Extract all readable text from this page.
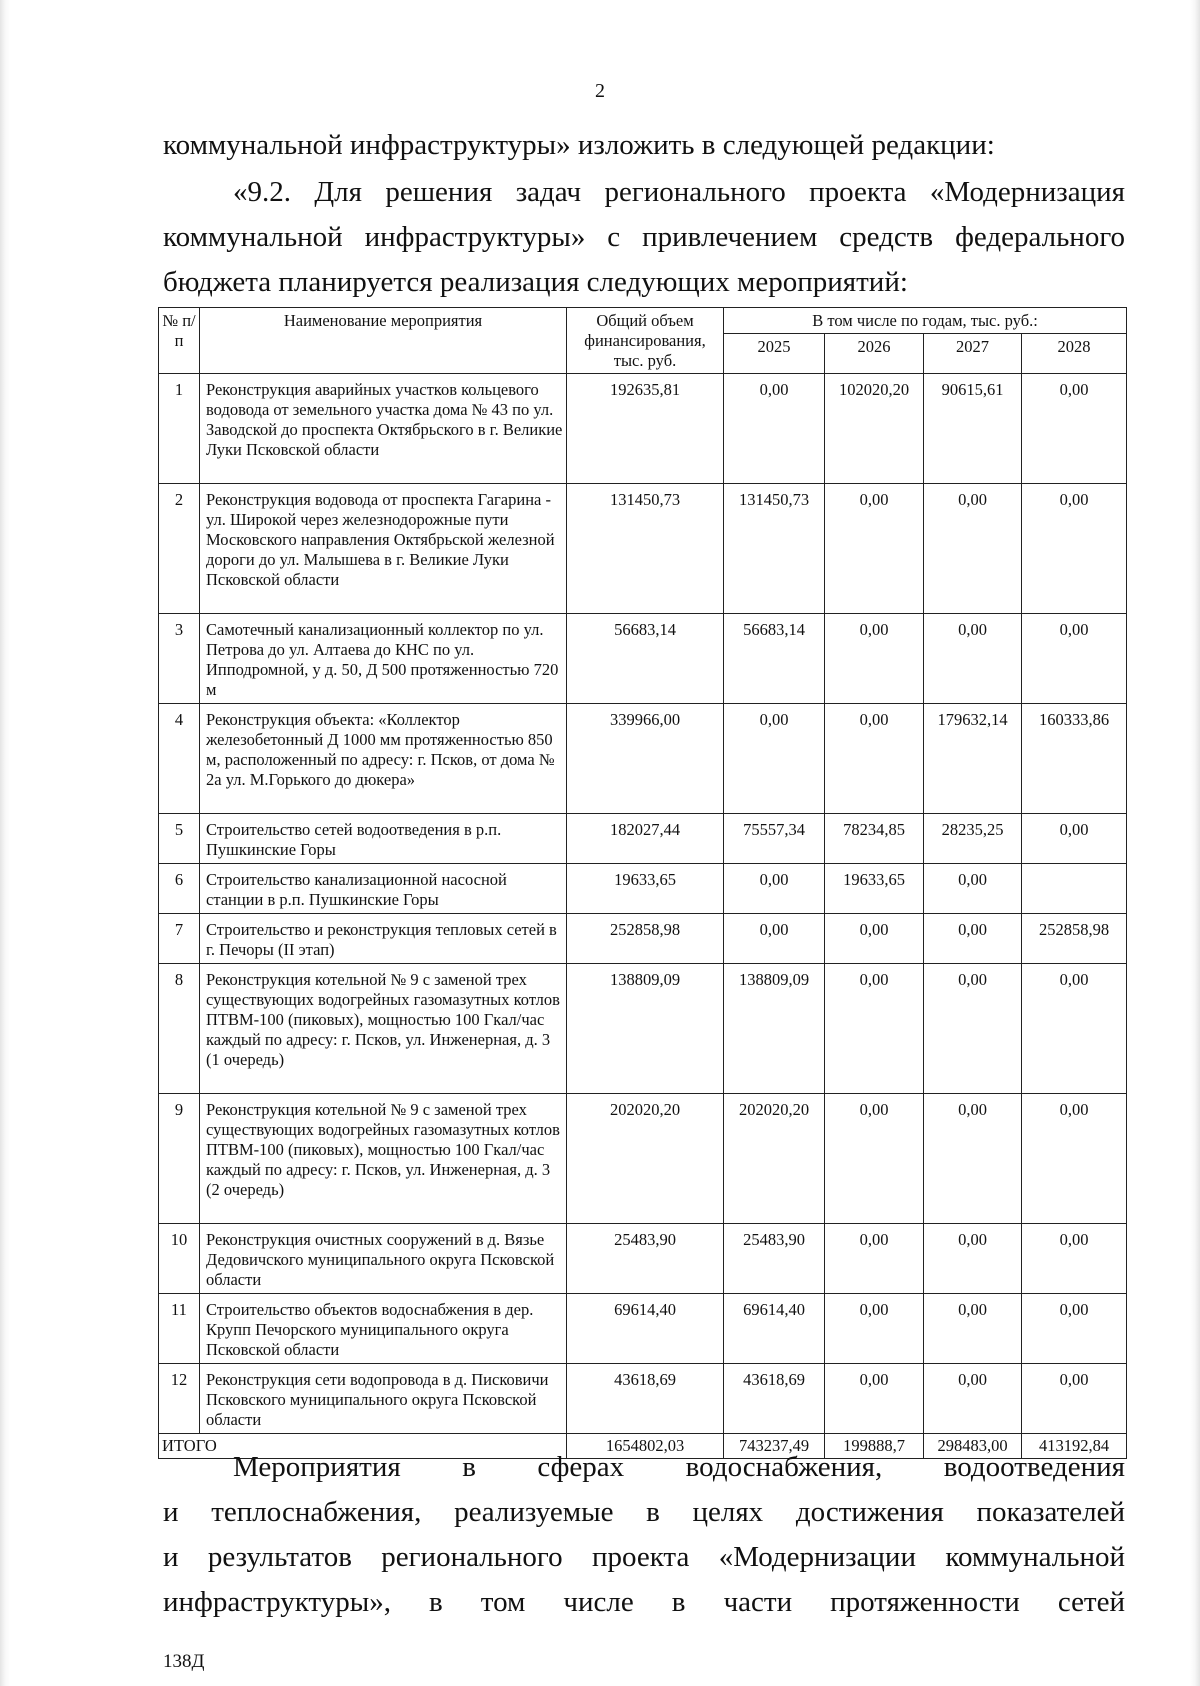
2
коммунальной инфраструктуры» изложить в следующей редакции:
«9.2. Для решения задач регионального проекта «Модернизация
коммунальной инфраструктуры» с привлечением средств федерального
бюджета планируется реализация следующих мероприятий:
№ п/п	Наименование мероприятия	Общий объем финансирования, тыс. руб.	В том числе по годам, тыс. руб.:			
			2025	2026	2027	2028
1	Реконструкция аварийных участков кольцевого водовода от земельного участка дома № 43 по ул. Заводской до проспекта Октябрьского в г. Великие Луки Псковской области	192635,81	0,00	102020,20	90615,61	0,00
2	Реконструкция водовода от проспекта Гагарина - ул. Широкой через железнодорожные пути Московского направления Октябрьской железной дороги до ул. Малышева в г. Великие Луки Псковской области	131450,73	131450,73	0,00	0,00	0,00
3	Самотечный канализационный коллектор по ул. Петрова до ул. Алтаева до КНС по ул. Ипподромной, у д. 50, Д 500 протяженностью 720 м	56683,14	56683,14	0,00	0,00	0,00
4	Реконструкция объекта: «Коллектор железобетонный Д 1000 мм протяженностью 850 м, расположенный по адресу: г. Псков, от дома № 2а ул. М.Горького до дюкера»	339966,00	0,00	0,00	179632,14	160333,86
5	Строительство сетей водоотведения в р.п. Пушкинские Горы	182027,44	75557,34	78234,85	28235,25	0,00
6	Строительство канализационной насосной станции в р.п. Пушкинские Горы	19633,65	0,00	19633,65	0,00	
7	Строительство и реконструкция тепловых сетей в г. Печоры (II этап)	252858,98	0,00	0,00	0,00	252858,98
8	Реконструкция котельной № 9 с заменой трех существующих водогрейных газомазутных котлов ПТВМ-100 (пиковых), мощностью 100 Гкал/час каждый по адресу: г. Псков, ул. Инженерная, д. 3 (1 очередь)	138809,09	138809,09	0,00	0,00	0,00
9	Реконструкция котельной № 9 с заменой трех существующих водогрейных газомазутных котлов ПТВМ-100 (пиковых), мощностью 100 Гкал/час каждый по адресу: г. Псков, ул. Инженерная, д. 3 (2 очередь)	202020,20	202020,20	0,00	0,00	0,00
10	Реконструкция очистных сооружений в д. Вязье Дедовичского муниципального округа Псковской области	25483,90	25483,90	0,00	0,00	0,00
11	Строительство объектов водоснабжения в дер. Крупп Печорского муниципального округа Псковской области	69614,40	69614,40	0,00	0,00	0,00
12	Реконструкция сети водопровода в д. Писковичи Псковского муниципального округа Псковской области	43618,69	43618,69	0,00	0,00	0,00
ИТОГО		1654802,03	743237,49	199888,7	298483,00	413192,84
Мероприятия в сферах водоснабжения, водоотведения
и теплоснабжения, реализуемые в целях достижения показателей
и результатов регионального проекта «Модернизации коммунальной
инфраструктуры», в том числе в части протяженности сетей
138Д
